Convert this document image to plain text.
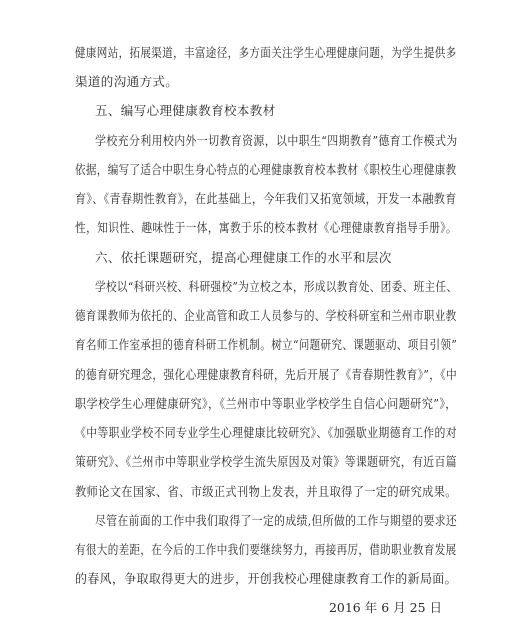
健康网站，拓展渠道，丰富途径，多方面关注学生心理健康问题，为学生提供多
渠道的沟通方式。
五、编写心理健康教育校本教材
学校充分利用校内外一切教育资源，以中职生“四期教育”德育工作模式为
依据，编写了适合中职生身心特点的心理健康教育校本教材《职校生心理健康教
育》、《青春期性教育》，在此基础上，今年我们又拓宽领域，开发一本融教育
性，知识性、趣味性于一体，寓教于乐的校本教材《心理健康教育指导手册》。
六、依托课题研究，提高心理健康工作的水平和层次
学校以“科研兴校、科研强校”为立校之本，形成以教育处、团委、班主任、
德育课教师为依托的、企业高管和政工人员参与的、学校科研室和兰州市职业教
育名师工作室承担的德育科研工作机制。树立“问题研究、课题驱动、项目引领”
的德育研究理念，强化心理健康教育科研，先后开展了《青春期性教育》”，《中
职学校学生心理健康研究》，《兰州市中等职业学校学生自信心问题研究”》，
《中等职业学校不同专业学生心理健康比较研究》、《加强歇业期德育工作的对
策研究》、《兰州市中等职业学校学生流失原因及对策》等课题研究，有近百篇
教师论文在国家、省、市级正式刊物上发表，并且取得了一定的研究成果。
尽管在前面的工作中我们取得了一定的成绩,但所做的工作与期望的要求还
有很大的差距，在今后的工作中我们要继续努力，再接再厉，借助职业教育发展
的春风，争取取得更大的进步，开创我校心理健康教育工作的新局面。
2016 年 6 月 25 日
